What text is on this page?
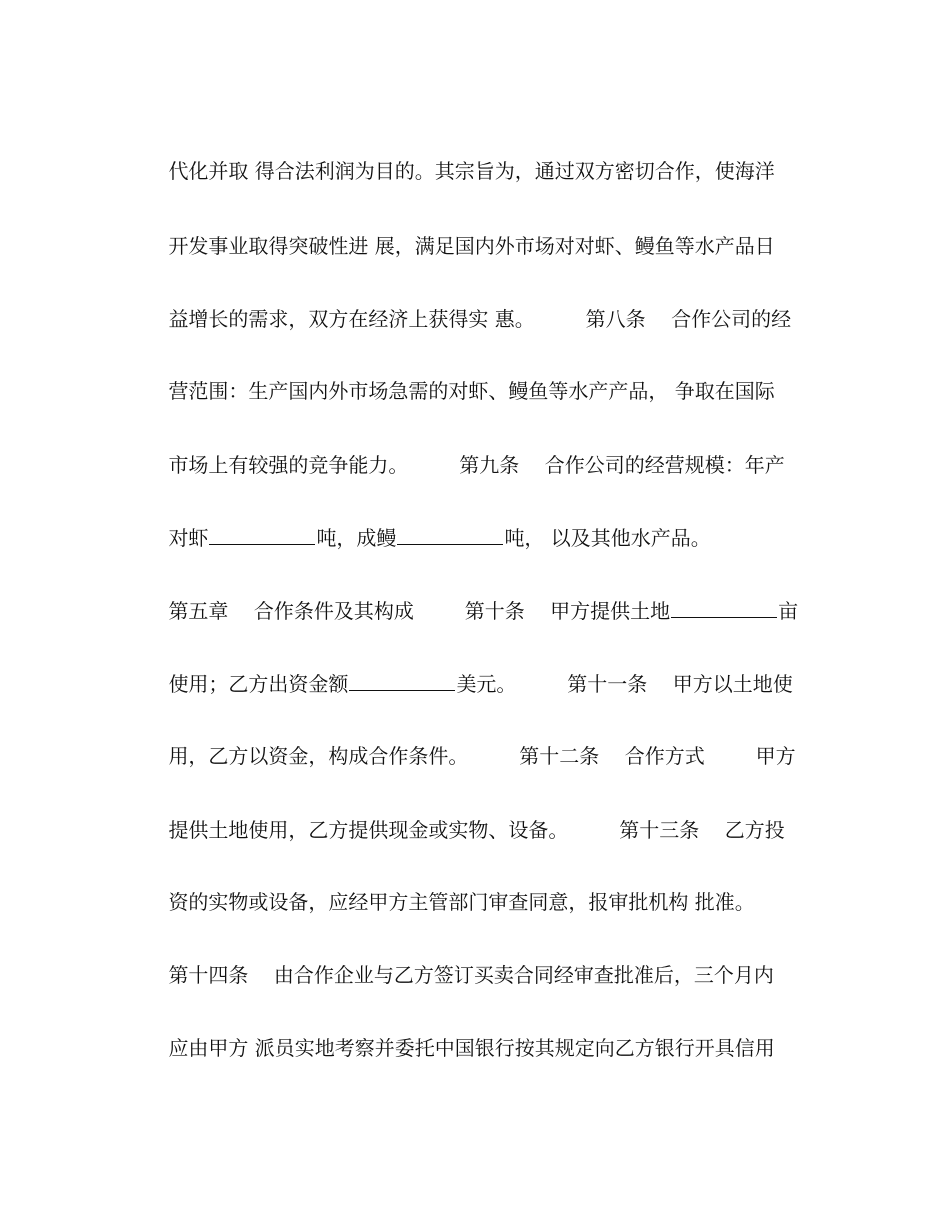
代化并取 得合法利润为目的。其宗旨为，通过双方密切合作，使海洋

开发事业取得突破性进 展，满足国内外市场对对虾、鳗鱼等水产品日

益增长的需求，双方在经济上获得实 惠。        第八条    合作公司的经

营范围：生产国内外市场急需的对虾、鳗鱼等水产产品， 争取在国际

市场上有较强的竞争能力。        第九条    合作公司的经营规模：年产

对虾	吨，成鳗	吨， 以及其他水产品。

第五章    合作条件及其构成        第十条    甲方提供土地	亩

使用；乙方出资金额	美元。        第十一条    甲方以土地使

用，乙方以资金，构成合作条件。        第十二条    合作方式        甲方

提供土地使用，乙方提供现金或实物、设备。        第十三条    乙方投

资的实物或设备，应经甲方主管部门审查同意，报审批机构 批准。

第十四条    由合作企业与乙方签订买卖合同经审查批准后，三个月内

应由甲方 派员实地考察并委托中国银行按其规定向乙方银行开具信用
